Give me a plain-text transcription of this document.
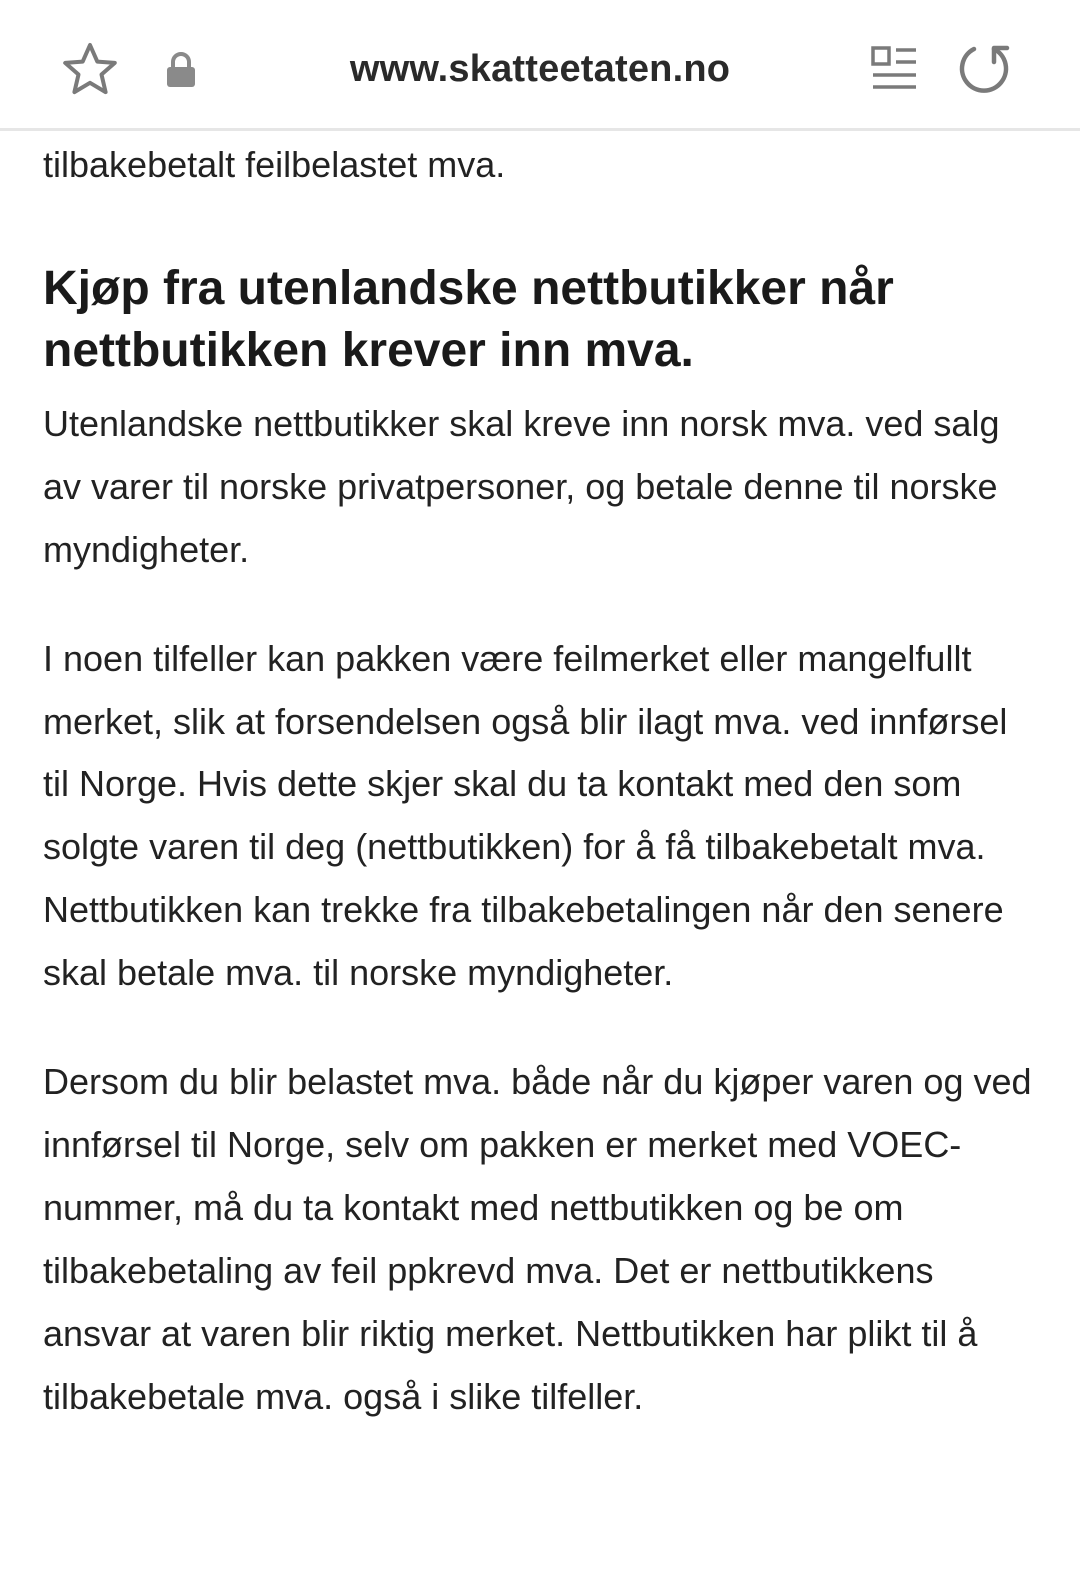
www.skatteetaten.no

tilbakebetalt feilbelastet mva.

Kjøp fra utenlandske nettbutikker når nettbutikken krever inn mva.

Utenlandske nettbutikker skal kreve inn norsk mva. ved salg av varer til norske privatpersoner, og betale denne til norske myndigheter.

I noen tilfeller kan pakken være feilmerket eller mangelfullt merket, slik at forsendelsen også blir ilagt mva. ved innførsel til Norge. Hvis dette skjer skal du ta kontakt med den som solgte varen til deg (nettbutikken) for å få tilbakebetalt mva. Nettbutikken kan trekke fra tilbakebetalingen når den senere skal betale mva. til norske myndigheter.

Dersom du blir belastet mva. både når du kjøper varen og ved innførsel til Norge, selv om pakken er merket med VOEC-nummer, må du ta kontakt med nettbutikken og be om tilbakebetaling av feil ppkrevd mva. Det er nettbutikkens ansvar at varen blir riktig merket. Nettbutikken har plikt til å tilbakebetale mva. også i slike tilfeller.
